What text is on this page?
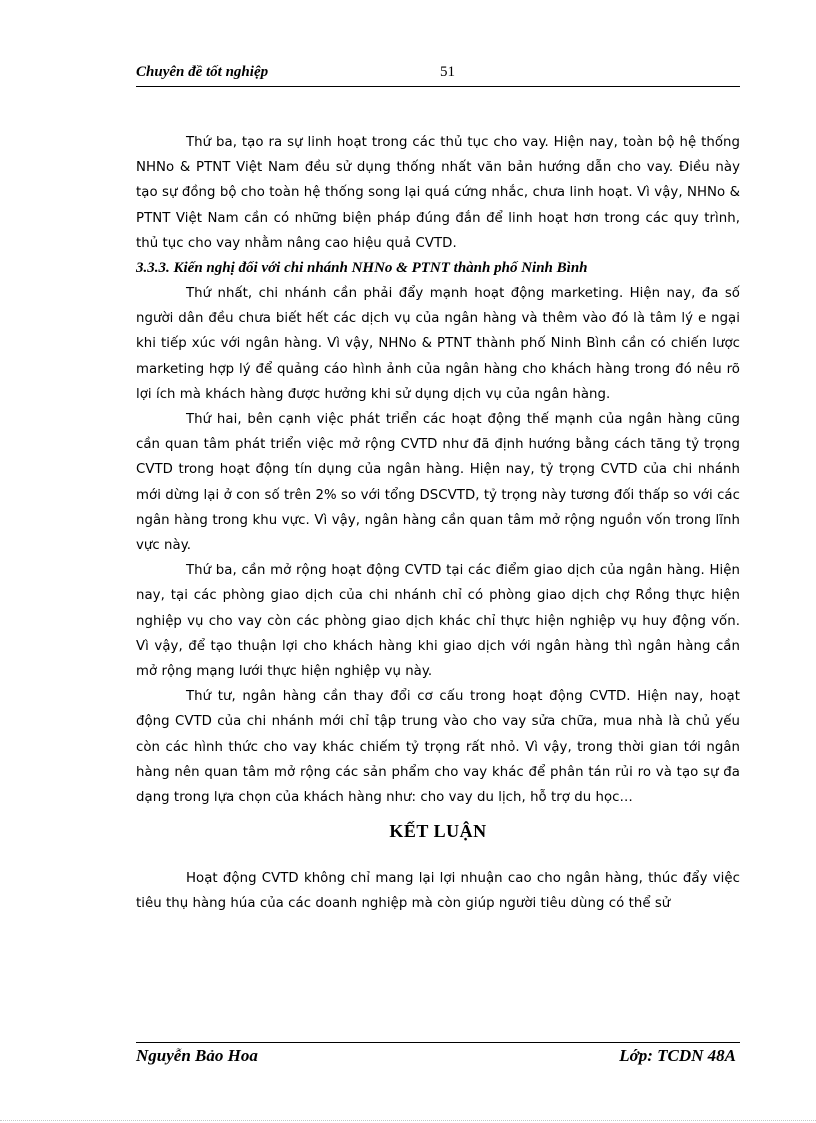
Chuyên đề tốt nghiệp	51

Thứ ba, tạo ra sự linh hoạt trong các thủ tục cho vay. Hiện nay, toàn bộ hệ thống NHNo & PTNT Việt Nam đều sử dụng thống nhất văn bản hướng dẫn cho vay. Điều này tạo sự đồng bộ cho toàn hệ thống song lại quá cứng nhắc, chưa linh hoạt. Vì vậy, NHNo & PTNT Việt Nam cần có những biện pháp đúng đắn để linh hoạt hơn trong các quy trình, thủ tục cho vay nhằm nâng cao hiệu quả CVTD.

3.3.3. Kiến nghị đối với chi nhánh NHNo & PTNT thành phố Ninh Bình

Thứ nhất, chi nhánh cần phải đẩy mạnh hoạt động marketing. Hiện nay, đa số người dân đều chưa biết hết các dịch vụ của ngân hàng và thêm vào đó là tâm lý e ngại khi tiếp xúc với ngân hàng. Vì vậy, NHNo & PTNT thành phố Ninh Bình cần có chiến lược marketing hợp lý để quảng cáo hình ảnh của ngân hàng cho khách hàng trong đó nêu rõ lợi ích mà khách hàng được hưởng khi sử dụng dịch vụ của ngân hàng.

Thứ hai, bên cạnh việc phát triển các hoạt động thế mạnh của ngân hàng cũng cần quan tâm phát triển việc mở rộng CVTD như đã định hướng bằng cách tăng tỷ trọng CVTD trong hoạt động tín dụng của ngân hàng. Hiện nay, tỷ trọng CVTD của chi nhánh mới dừng lại ở con số trên 2% so với tổng DSCVTD, tỷ trọng này tương đối thấp so với các ngân hàng trong khu vực. Vì vậy, ngân hàng cần quan tâm mở rộng nguồn vốn trong lĩnh vực này.

Thứ ba, cần mở rộng hoạt động CVTD tại các điểm giao dịch của ngân hàng. Hiện nay, tại các phòng giao dịch của chi nhánh chỉ có phòng giao dịch chợ Rồng thực hiện nghiệp vụ cho vay còn các phòng giao dịch khác chỉ thực hiện nghiệp vụ huy động vốn. Vì vậy, để tạo thuận lợi cho khách hàng khi giao dịch với ngân hàng thì ngân hàng cần mở rộng mạng lưới thực hiện nghiệp vụ này.

Thứ tư, ngân hàng cần thay đổi cơ cấu trong hoạt động CVTD. Hiện nay, hoạt động CVTD của chi nhánh mới chỉ tập trung vào cho vay sửa chữa, mua nhà là chủ yếu còn các hình thức cho vay khác chiếm tỷ trọng rất nhỏ. Vì vậy, trong thời gian tới ngân hàng nên quan tâm mở rộng các sản phẩm cho vay khác để phân tán rủi ro và tạo sự đa dạng trong lựa chọn của khách hàng như: cho vay du lịch, hỗ trợ du học…

KẾT LUẬN

Hoạt động CVTD không chỉ mang lại lợi nhuận cao cho ngân hàng, thúc đẩy việc tiêu thụ hàng húa của các doanh nghiệp mà còn giúp người tiêu dùng có thể sử

Nguyễn Bảo Hoa	Lớp: TCDN 48A
